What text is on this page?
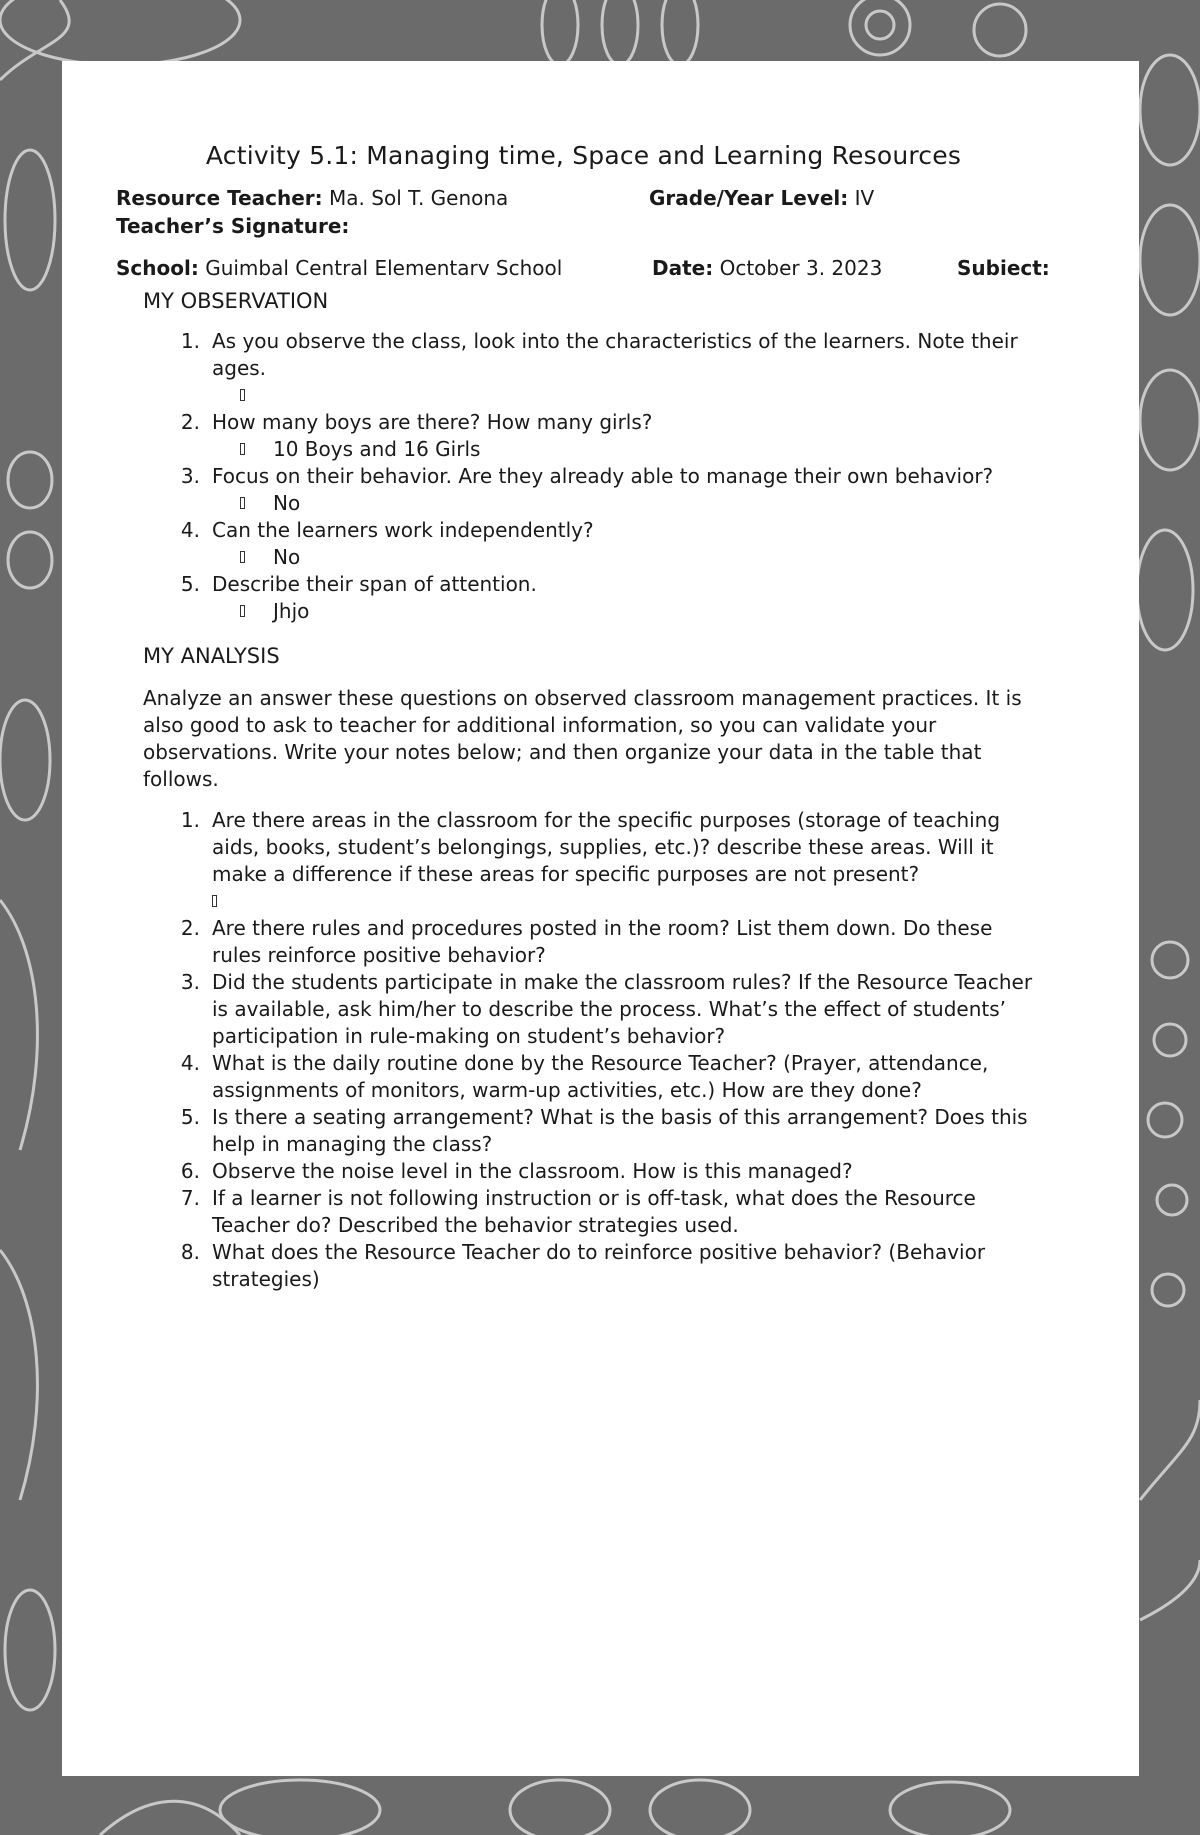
Activity 5.1: Managing time, Space and Learning Resources
Resource Teacher: Ma. Sol T. Genona	Grade/Year Level: IV
Teacher’s Signature:
School: Guimbal Central Elementarv School	Date: October 3. 2023	Subiect:
MY OBSERVATION
1. As you observe the class, look into the characteristics of the learners. Note their ages.

2. How many boys are there? How many girls?
10 Boys and 16 Girls
3. Focus on their behavior. Are they already able to manage their own behavior?
No
4. Can the learners work independently?
No
5. Describe their span of attention.
Jhjo
MY ANALYSIS

Analyze an answer these questions on observed classroom management practices. It is also good to ask to teacher for additional information, so you can validate your observations. Write your notes below; and then organize your data in the table that follows.

1. Are there areas in the classroom for the specific purposes (storage of teaching aids, books, student’s belongings, supplies, etc.)? describe these areas. Will it make a difference if these areas for specific purposes are not present?
2. Are there rules and procedures posted in the room? List them down. Do these rules reinforce positive behavior?
3. Did the students participate in make the classroom rules? If the Resource Teacher is available, ask him/her to describe the process. What’s the effect of students’ participation in rule-making on student’s behavior?
4. What is the daily routine done by the Resource Teacher? (Prayer, attendance, assignments of monitors, warm-up activities, etc.) How are they done?
5. Is there a seating arrangement? What is the basis of this arrangement? Does this help in managing the class?
6. Observe the noise level in the classroom. How is this managed?
7. If a learner is not following instruction or is off-task, what does the Resource Teacher do? Described the behavior strategies used.
8. What does the Resource Teacher do to reinforce positive behavior? (Behavior strategies)
